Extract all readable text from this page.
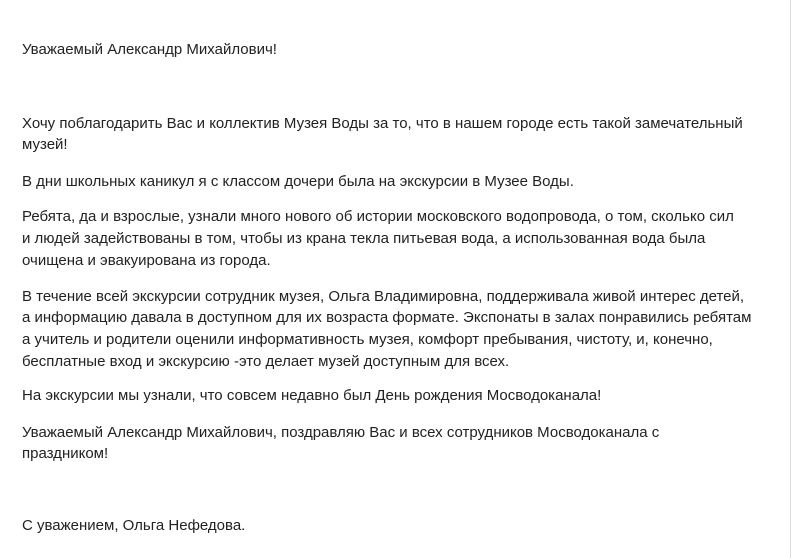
Уважаемый Александр Михайлович!

Хочу поблагодарить Вас и коллектив Музея Воды за то, что в нашем городе есть такой замечательный

музей!

В дни школьных каникул я с классом дочери была на экскурсии в Музее Воды.

Ребята, да и взрослые, узнали много нового об истории московского водопровода, о том, сколько сил

и людей задействованы в том, чтобы из крана текла питьевая вода, а использованная вода была

очищена и эвакуирована из города.

В течение всей экскурсии сотрудник музея, Ольга Владимировна, поддерживала живой интерес детей,

а информацию давала в доступном для их возраста формате. Экспонаты в залах понравились ребятам

а учитель и родители оценили информативность музея, комфорт пребывания, чистоту, и, конечно,

бесплатные вход и экскурсию -это делает музей доступным для всех.

На экскурсии мы узнали, что совсем недавно был День рождения Мосводоканала!

Уважаемый Александр Михайлович, поздравляю Вас и всех сотрудников Мосводоканала с

праздником!

С уважением, Ольга Нефедова.
